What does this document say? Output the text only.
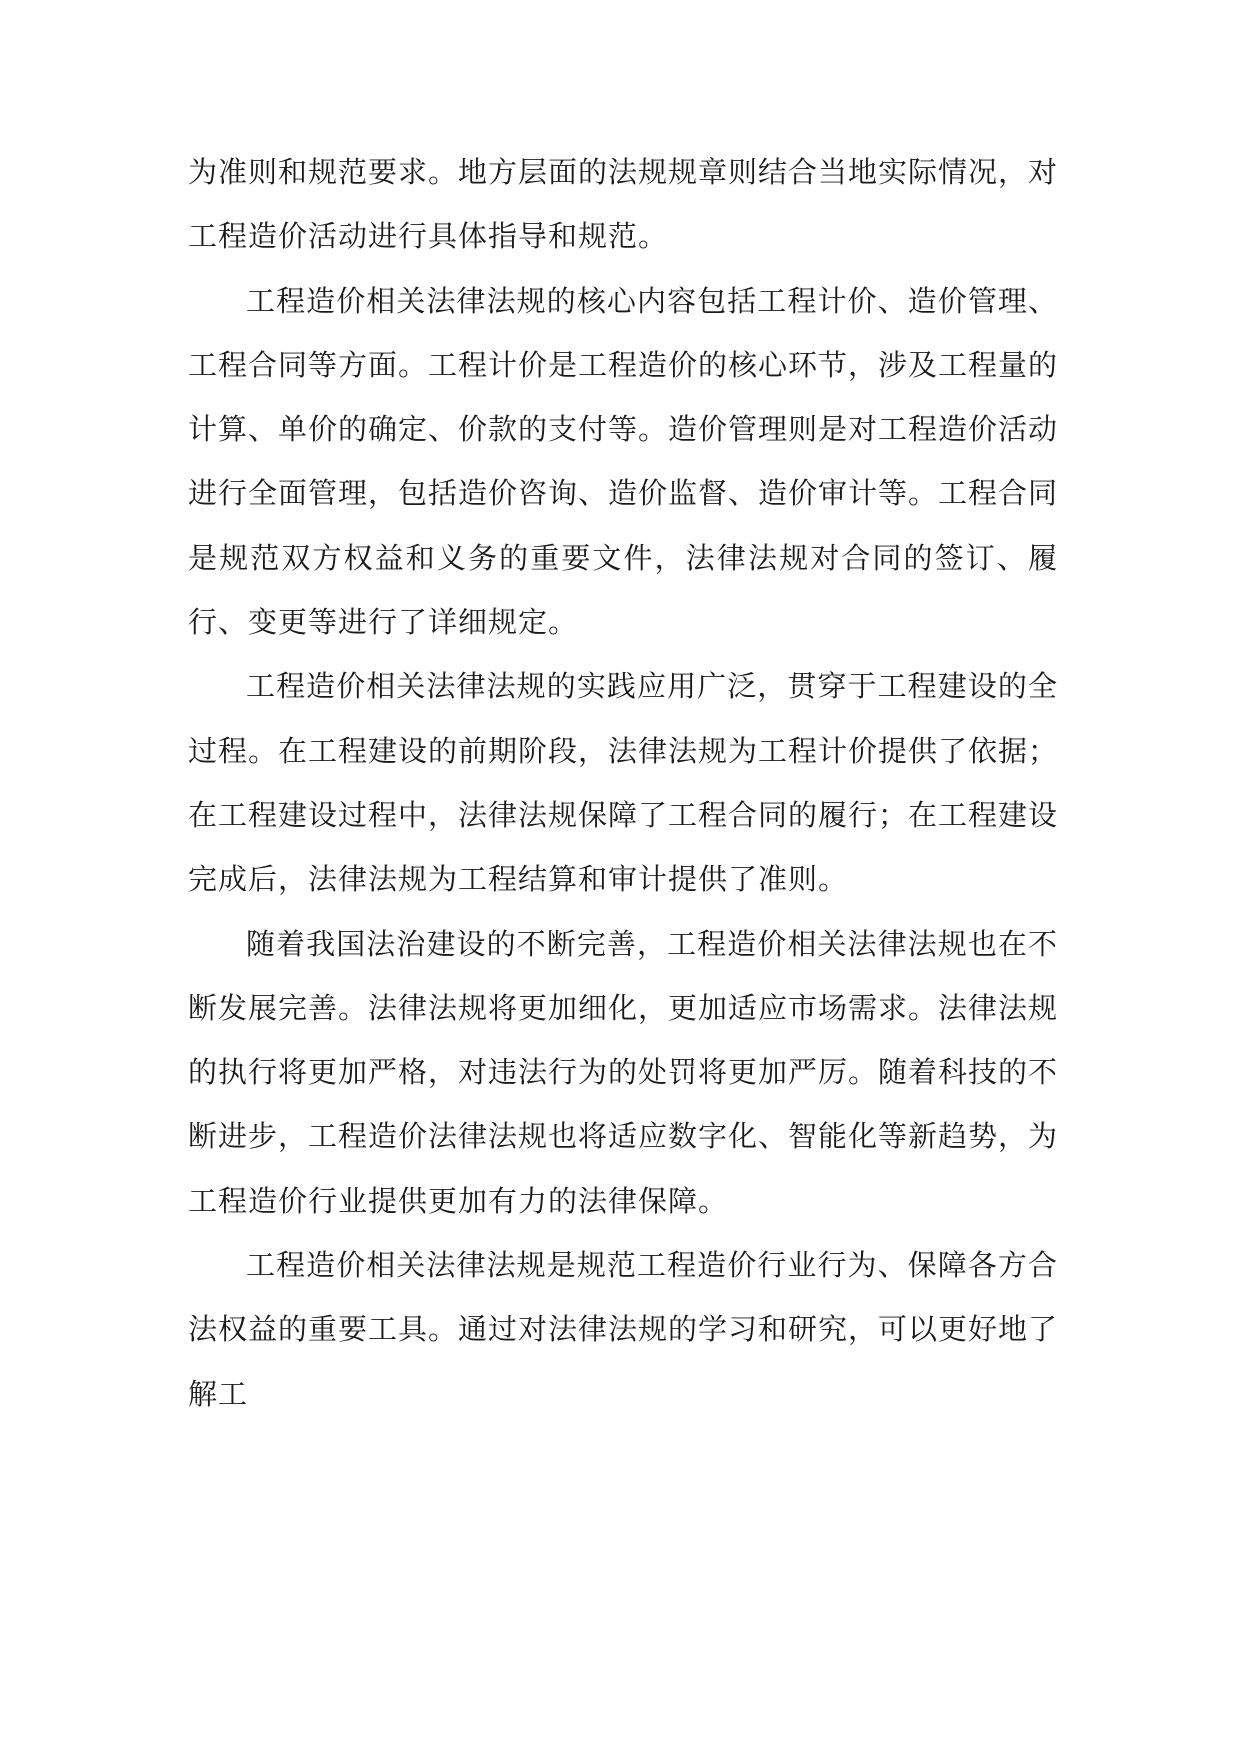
为准则和规范要求。地方层面的法规规章则结合当地实际情况，对工程造价活动进行具体指导和规范。

工程造价相关法律法规的核心内容包括工程计价、造价管理、工程合同等方面。工程计价是工程造价的核心环节，涉及工程量的计算、单价的确定、价款的支付等。造价管理则是对工程造价活动进行全面管理，包括造价咨询、造价监督、造价审计等。工程合同是规范双方权益和义务的重要文件，法律法规对合同的签订、履行、变更等进行了详细规定。

工程造价相关法律法规的实践应用广泛，贯穿于工程建设的全过程。在工程建设的前期阶段，法律法规为工程计价提供了依据；在工程建设过程中，法律法规保障了工程合同的履行；在工程建设完成后，法律法规为工程结算和审计提供了准则。

随着我国法治建设的不断完善，工程造价相关法律法规也在不断发展完善。法律法规将更加细化，更加适应市场需求。法律法规的执行将更加严格，对违法行为的处罚将更加严厉。随着科技的不断进步，工程造价法律法规也将适应数字化、智能化等新趋势，为工程造价行业提供更加有力的法律保障。

工程造价相关法律法规是规范工程造价行业行为、保障各方合法权益的重要工具。通过对法律法规的学习和研究，可以更好地了解工
